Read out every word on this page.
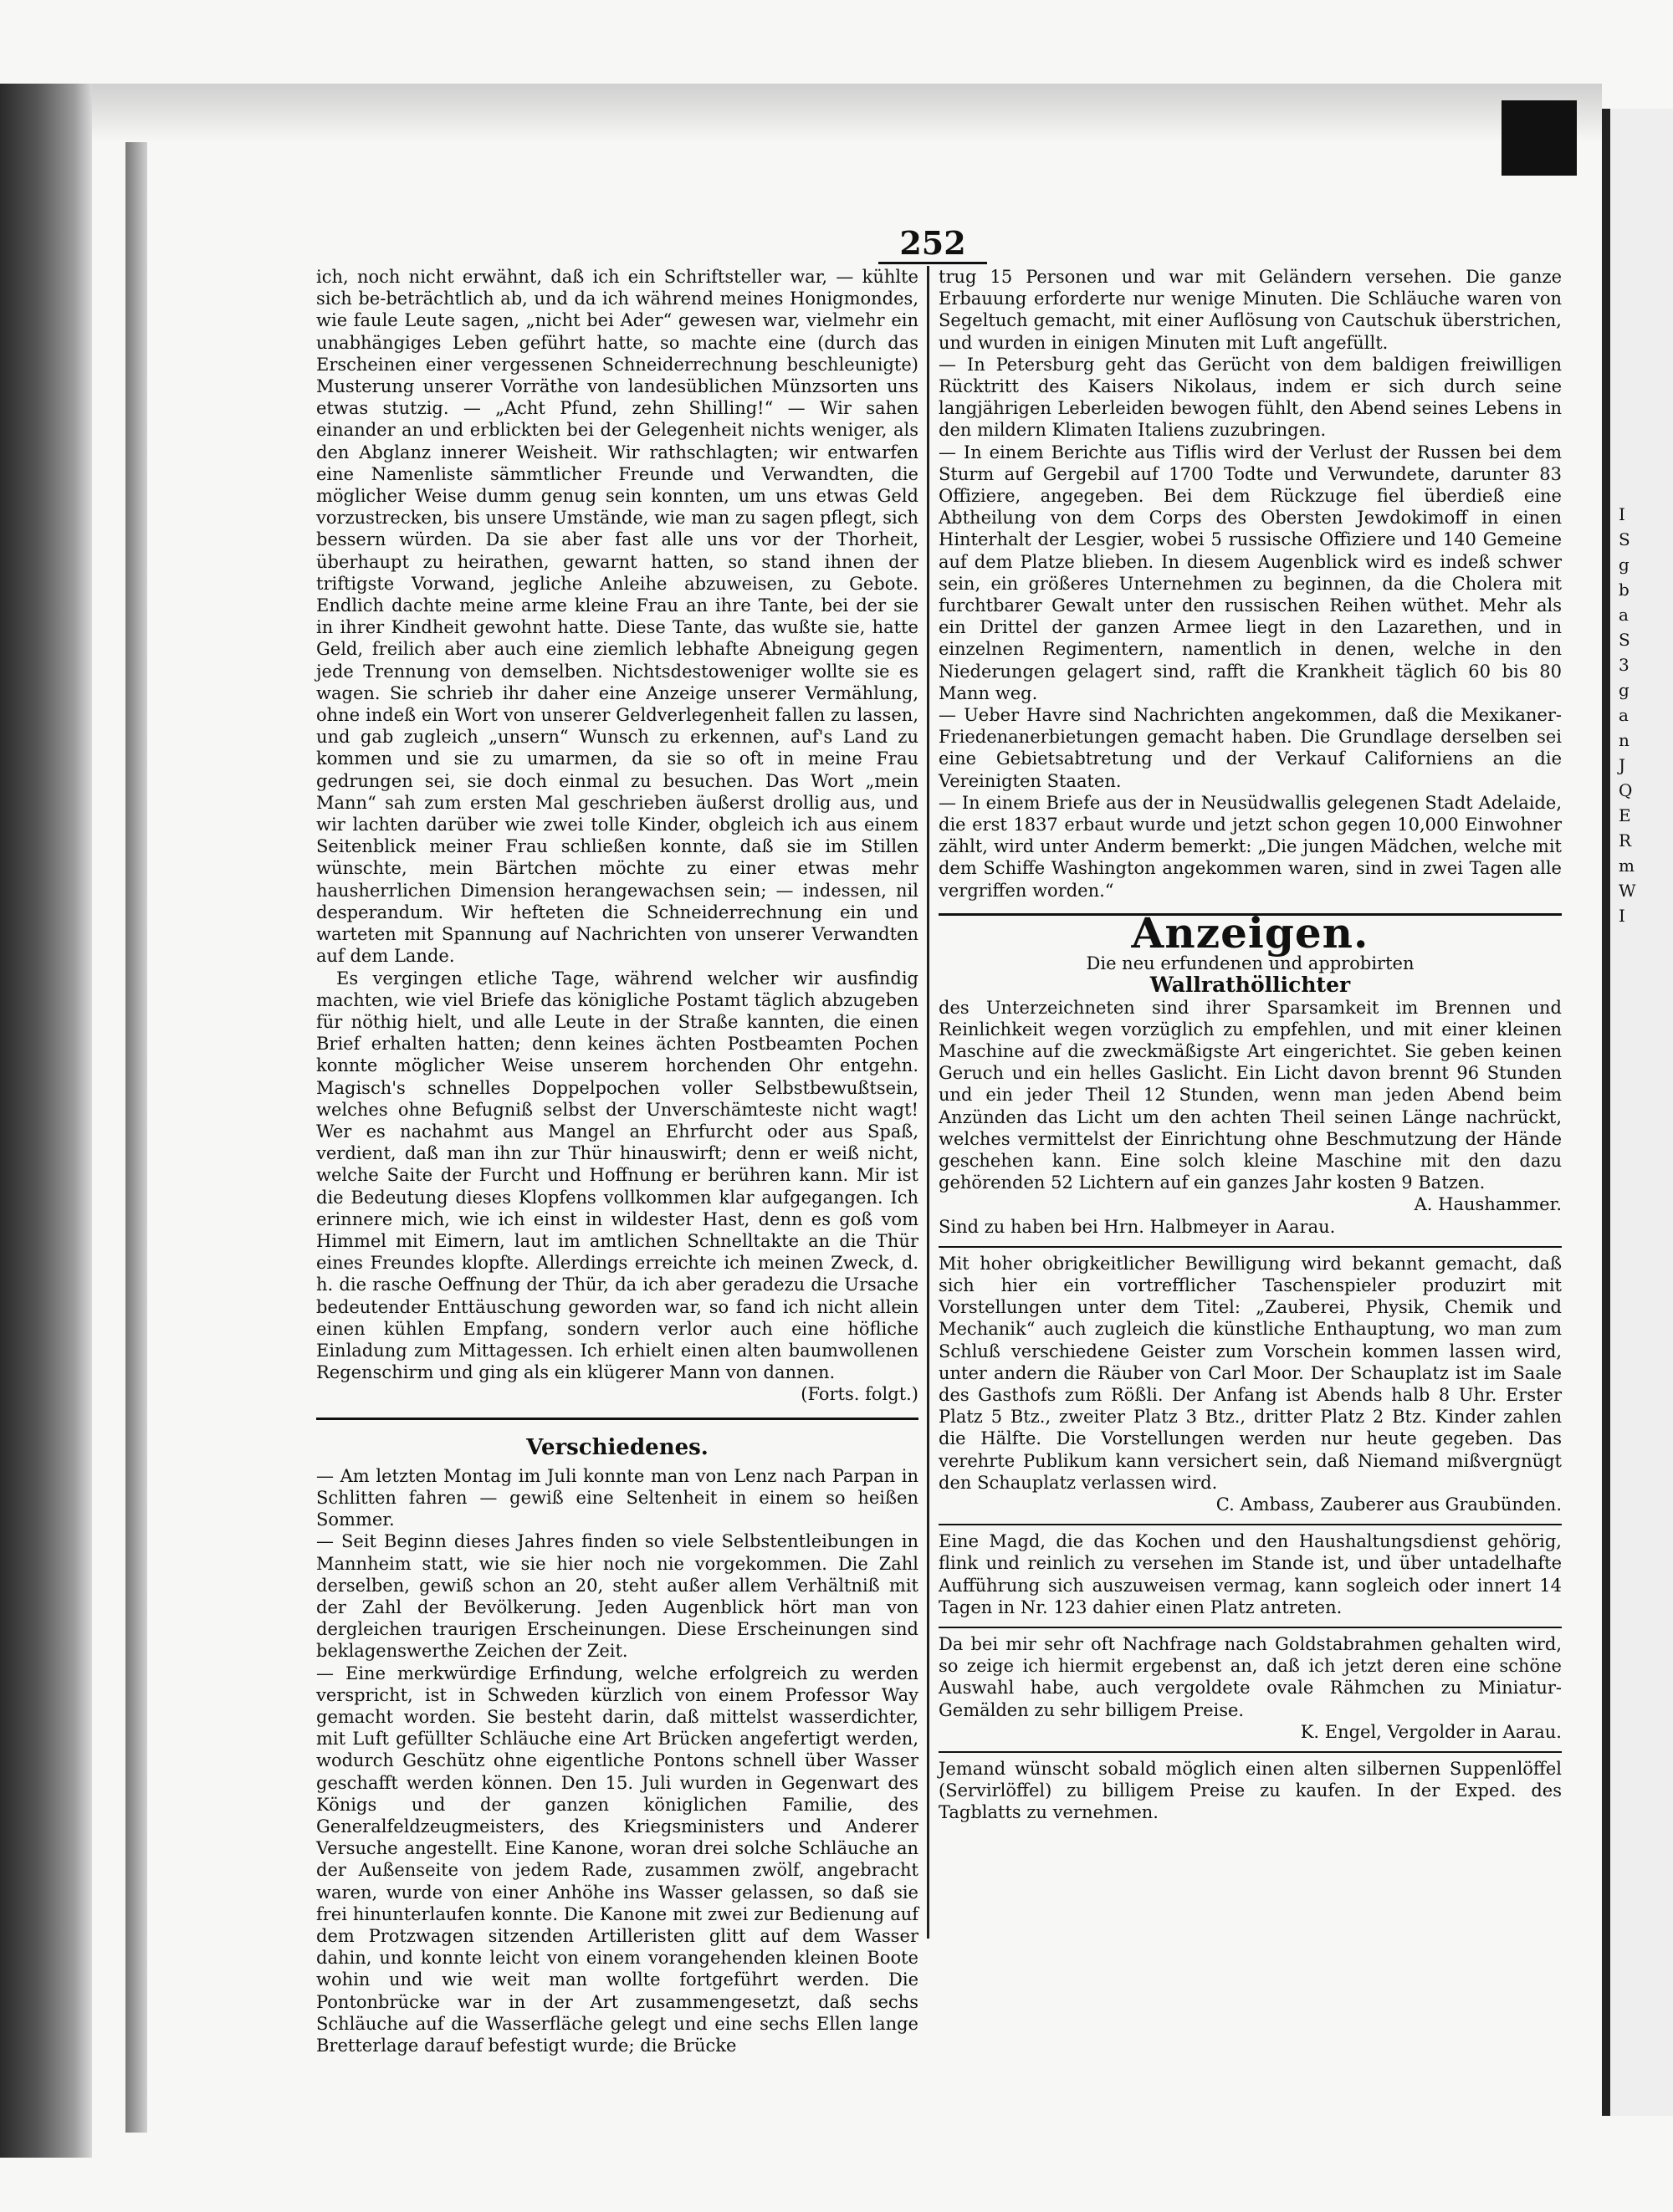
252

ich, noch nicht erwähnt, daß ich ein Schriftsteller war, — kühlte sich be-beträchtlich ab, und da ich während meines Honigmondes, wie faule Leute sagen, „nicht bei Ader“ gewesen war, vielmehr ein unabhängiges Leben geführt hatte, so machte eine (durch das Erscheinen einer vergessenen Schneiderrechnung beschleunigte) Musterung unserer Vorräthe von landesüblichen Münzsorten uns etwas stutzig. — „Acht Pfund, zehn Shilling!“ — Wir sahen einander an und erblickten bei der Gelegenheit nichts weniger, als den Abglanz innerer Weisheit. Wir rathschlagten; wir entwarfen eine Namenliste sämmtlicher Freunde und Verwandten, die möglicher Weise dumm genug sein konnten, um uns etwas Geld vorzustrecken, bis unsere Umstände, wie man zu sagen pflegt, sich bessern würden. Da sie aber fast alle uns vor der Thorheit, überhaupt zu heirathen, gewarnt hatten, so stand ihnen der triftigste Vorwand, jegliche Anleihe abzuweisen, zu Gebote. Endlich dachte meine arme kleine Frau an ihre Tante, bei der sie in ihrer Kindheit gewohnt hatte. Diese Tante, das wußte sie, hatte Geld, freilich aber auch eine ziemlich lebhafte Abneigung gegen jede Trennung von demselben. Nichtsdestoweniger wollte sie es wagen. Sie schrieb ihr daher eine Anzeige unserer Vermählung, ohne indeß ein Wort von unserer Geldverlegenheit fallen zu lassen, und gab zugleich „unsern“ Wunsch zu erkennen, auf's Land zu kommen und sie zu umarmen, da sie so oft in meine Frau gedrungen sei, sie doch einmal zu besuchen. Das Wort „mein Mann“ sah zum ersten Mal geschrieben äußerst drollig aus, und wir lachten darüber wie zwei tolle Kinder, obgleich ich aus einem Seitenblick meiner Frau schließen konnte, daß sie im Stillen wünschte, mein Bärtchen möchte zu einer etwas mehr hausherrlichen Dimension herangewachsen sein; — indessen, nil desperandum. Wir hefteten die Schneiderrechnung ein und warteten mit Spannung auf Nachrichten von unserer Verwandten auf dem Lande.

Es vergingen etliche Tage, während welcher wir ausfindig machten, wie viel Briefe das königliche Postamt täglich abzugeben für nöthig hielt, und alle Leute in der Straße kannten, die einen Brief erhalten hatten; denn keines ächten Postbeamten Pochen konnte möglicher Weise unserem horchenden Ohr entgehn. Magisch's schnelles Doppelpochen voller Selbstbewußtsein, welches ohne Befugniß selbst der Unverschämteste nicht wagt! Wer es nachahmt aus Mangel an Ehrfurcht oder aus Spaß, verdient, daß man ihn zur Thür hinauswirft; denn er weiß nicht, welche Saite der Furcht und Hoffnung er berühren kann. Mir ist die Bedeutung dieses Klopfens vollkommen klar aufgegangen. Ich erinnere mich, wie ich einst in wildester Hast, denn es goß vom Himmel mit Eimern, laut im amtlichen Schnelltakte an die Thür eines Freundes klopfte. Allerdings erreichte ich meinen Zweck, d. h. die rasche Oeffnung der Thür, da ich aber geradezu die Ursache bedeutender Enttäuschung geworden war, so fand ich nicht allein einen kühlen Empfang, sondern verlor auch eine höfliche Einladung zum Mittagessen. Ich erhielt einen alten baumwollenen Regenschirm und ging als ein klügerer Mann von dannen.

(Forts. folgt.)

Verschiedenes.

— Am letzten Montag im Juli konnte man von Lenz nach Parpan in Schlitten fahren — gewiß eine Seltenheit in einem so heißen Sommer.

— Seit Beginn dieses Jahres finden so viele Selbstentleibungen in Mannheim statt, wie sie hier noch nie vorgekommen. Die Zahl derselben, gewiß schon an 20, steht außer allem Verhältniß mit der Zahl der Bevölkerung. Jeden Augenblick hört man von dergleichen traurigen Erscheinungen. Diese Erscheinungen sind beklagenswerthe Zeichen der Zeit.

— Eine merkwürdige Erfindung, welche erfolgreich zu werden verspricht, ist in Schweden kürzlich von einem Professor Way gemacht worden. Sie besteht darin, daß mittelst wasserdichter, mit Luft gefüllter Schläuche eine Art Brücken angefertigt werden, wodurch Geschütz ohne eigentliche Pontons schnell über Wasser geschafft werden können. Den 15. Juli wurden in Gegenwart des Königs und der ganzen königlichen Familie, des Generalfeldzeugmeisters, des Kriegsministers und Anderer Versuche angestellt. Eine Kanone, woran drei solche Schläuche an der Außenseite von jedem Rade, zusammen zwölf, angebracht waren, wurde von einer Anhöhe ins Wasser gelassen, so daß sie frei hinunterlaufen konnte. Die Kanone mit zwei zur Bedienung auf dem Protzwagen sitzenden Artilleristen glitt auf dem Wasser dahin, und konnte leicht von einem vorangehenden kleinen Boote wohin und wie weit man wollte fortgeführt werden. Die Pontonbrücke war in der Art zusammengesetzt, daß sechs Schläuche auf die Wasserfläche gelegt und eine sechs Ellen lange Bretterlage darauf befestigt wurde; die Brücke

trug 15 Personen und war mit Geländern versehen. Die ganze Erbauung erforderte nur wenige Minuten. Die Schläuche waren von Segeltuch gemacht, mit einer Auflösung von Cautschuk überstrichen, und wurden in einigen Minuten mit Luft angefüllt.

— In Petersburg geht das Gerücht von dem baldigen freiwilligen Rücktritt des Kaisers Nikolaus, indem er sich durch seine langjährigen Leberleiden bewogen fühlt, den Abend seines Lebens in den mildern Klimaten Italiens zuzubringen.

— In einem Berichte aus Tiflis wird der Verlust der Russen bei dem Sturm auf Gergebil auf 1700 Todte und Verwundete, darunter 83 Offiziere, angegeben. Bei dem Rückzuge fiel überdieß eine Abtheilung von dem Corps des Obersten Jewdokimoff in einen Hinterhalt der Lesgier, wobei 5 russische Offiziere und 140 Gemeine auf dem Platze blieben. In diesem Augenblick wird es indeß schwer sein, ein größeres Unternehmen zu beginnen, da die Cholera mit furchtbarer Gewalt unter den russischen Reihen wüthet. Mehr als ein Drittel der ganzen Armee liegt in den Lazarethen, und in einzelnen Regimentern, namentlich in denen, welche in den Niederungen gelagert sind, rafft die Krankheit täglich 60 bis 80 Mann weg.

— Ueber Havre sind Nachrichten angekommen, daß die Mexikaner-Friedenanerbietungen gemacht haben. Die Grundlage derselben sei eine Gebietsabtretung und der Verkauf Californiens an die Vereinigten Staaten.

— In einem Briefe aus der in Neusüdwallis gelegenen Stadt Adelaide, die erst 1837 erbaut wurde und jetzt schon gegen 10,000 Einwohner zählt, wird unter Anderm bemerkt: „Die jungen Mädchen, welche mit dem Schiffe Washington angekommen waren, sind in zwei Tagen alle vergriffen worden.“

Anzeigen.
Die neu erfundenen und approbirten
Wallrathöllichter

des Unterzeichneten sind ihrer Sparsamkeit im Brennen und Reinlichkeit wegen vorzüglich zu empfehlen, und mit einer kleinen Maschine auf die zweckmäßigste Art eingerichtet. Sie geben keinen Geruch und ein helles Gaslicht. Ein Licht davon brennt 96 Stunden und ein jeder Theil 12 Stunden, wenn man jeden Abend beim Anzünden das Licht um den achten Theil seinen Länge nachrückt, welches vermittelst der Einrichtung ohne Beschmutzung der Hände geschehen kann. Eine solch kleine Maschine mit den dazu gehörenden 52 Lichtern auf ein ganzes Jahr kosten 9 Batzen.

A. Haushammer.

Sind zu haben bei Hrn. Halbmeyer in Aarau.

Mit hoher obrigkeitlicher Bewilligung wird bekannt gemacht, daß sich hier ein vortrefflicher Taschenspieler produzirt mit Vorstellungen unter dem Titel: „Zauberei, Physik, Chemik und Mechanik“ auch zugleich die künstliche Enthauptung, wo man zum Schluß verschiedene Geister zum Vorschein kommen lassen wird, unter andern die Räuber von Carl Moor. Der Schauplatz ist im Saale des Gasthofs zum Rößli. Der Anfang ist Abends halb 8 Uhr. Erster Platz 5 Btz., zweiter Platz 3 Btz., dritter Platz 2 Btz. Kinder zahlen die Hälfte. Die Vorstellungen werden nur heute gegeben. Das verehrte Publikum kann versichert sein, daß Niemand mißvergnügt den Schauplatz verlassen wird.

C. Ambass, Zauberer aus Graubünden.

Eine Magd, die das Kochen und den Haushaltungsdienst gehörig, flink und reinlich zu versehen im Stande ist, und über untadelhafte Aufführung sich auszuweisen vermag, kann sogleich oder innert 14 Tagen in Nr. 123 dahier einen Platz antreten.

Da bei mir sehr oft Nachfrage nach Goldstabrahmen gehalten wird, so zeige ich hiermit ergebenst an, daß ich jetzt deren eine schöne Auswahl habe, auch vergoldete ovale Rähmchen zu Miniatur-Gemälden zu sehr billigem Preise.

K. Engel, Vergolder in Aarau.

Jemand wünscht sobald möglich einen alten silbernen Suppenlöffel (Servirlöffel) zu billigem Preise zu kaufen. In der Exped. des Tagblatts zu vernehmen.

I
S
g
b
a
S
3
g
a
n
J
Q
E
R
m
W
I
